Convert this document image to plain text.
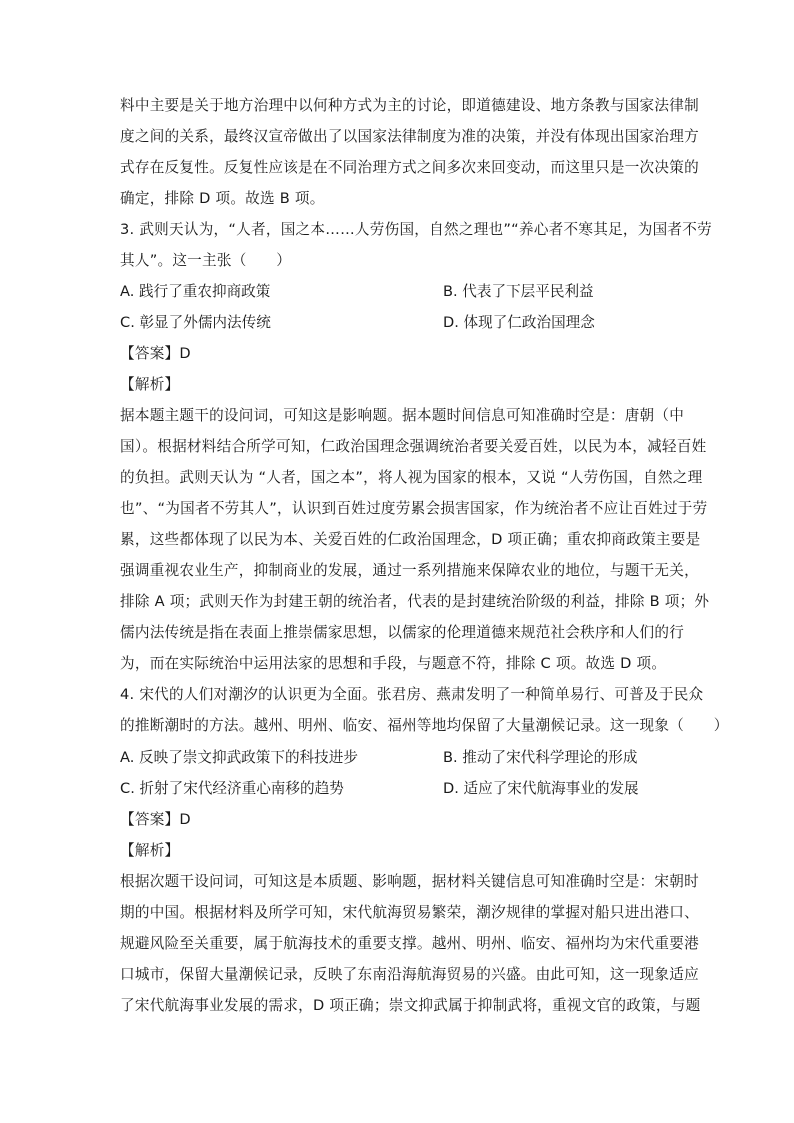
料中主要是关于地方治理中以何种方式为主的讨论，即道德建设、地方条教与国家法律制
度之间的关系，最终汉宣帝做出了以国家法律制度为准的决策，并没有体现出国家治理方
式存在反复性。反复性应该是在不同治理方式之间多次来回变动，而这里只是一次决策的
确定，排除 D 项。故选 B 项。
3. 武则天认为，“人者，国之本……人劳伤国，自然之理也”“养心者不寒其足，为国者不劳
其人”。这一主张（　　）
A. 践行了重农抑商政策	B. 代表了下层平民利益
C. 彰显了外儒内法传统	D. 体现了仁政治国理念
【答案】D
【解析】
据本题主题干的设问词，可知这是影响题。据本题时间信息可知准确时空是：唐朝（中
国）。根据材料结合所学可知，仁政治国理念强调统治者要关爱百姓，以民为本，减轻百姓
的负担。武则天认为 “人者，国之本”，将人视为国家的根本，又说 “人劳伤国，自然之理
也”、“为国者不劳其人”，认识到百姓过度劳累会损害国家，作为统治者不应让百姓过于劳
累，这些都体现了以民为本、关爱百姓的仁政治国理念，D 项正确；重农抑商政策主要是
强调重视农业生产，抑制商业的发展，通过一系列措施来保障农业的地位，与题干无关，
排除 A 项；武则天作为封建王朝的统治者，代表的是封建统治阶级的利益，排除 B 项；外
儒内法传统是指在表面上推崇儒家思想，以儒家的伦理道德来规范社会秩序和人们的行
为，而在实际统治中运用法家的思想和手段，与题意不符，排除 C 项。故选 D 项。
4. 宋代的人们对潮汐的认识更为全面。张君房、燕肃发明了一种简单易行、可普及于民众
的推断潮时的方法。越州、明州、临安、福州等地均保留了大量潮候记录。这一现象（　　）
A. 反映了崇文抑武政策下的科技进步	B. 推动了宋代科学理论的形成
C. 折射了宋代经济重心南移的趋势	D. 适应了宋代航海事业的发展
【答案】D
【解析】
根据次题干设问词，可知这是本质题、影响题，据材料关键信息可知准确时空是：宋朝时
期的中国。根据材料及所学可知，宋代航海贸易繁荣，潮汐规律的掌握对船只进出港口、
规避风险至关重要，属于航海技术的重要支撑。越州、明州、临安、福州均为宋代重要港
口城市，保留大量潮候记录，反映了东南沿海航海贸易的兴盛。由此可知，这一现象适应
了宋代航海事业发展的需求，D 项正确；崇文抑武属于抑制武将，重视文官的政策，与题
